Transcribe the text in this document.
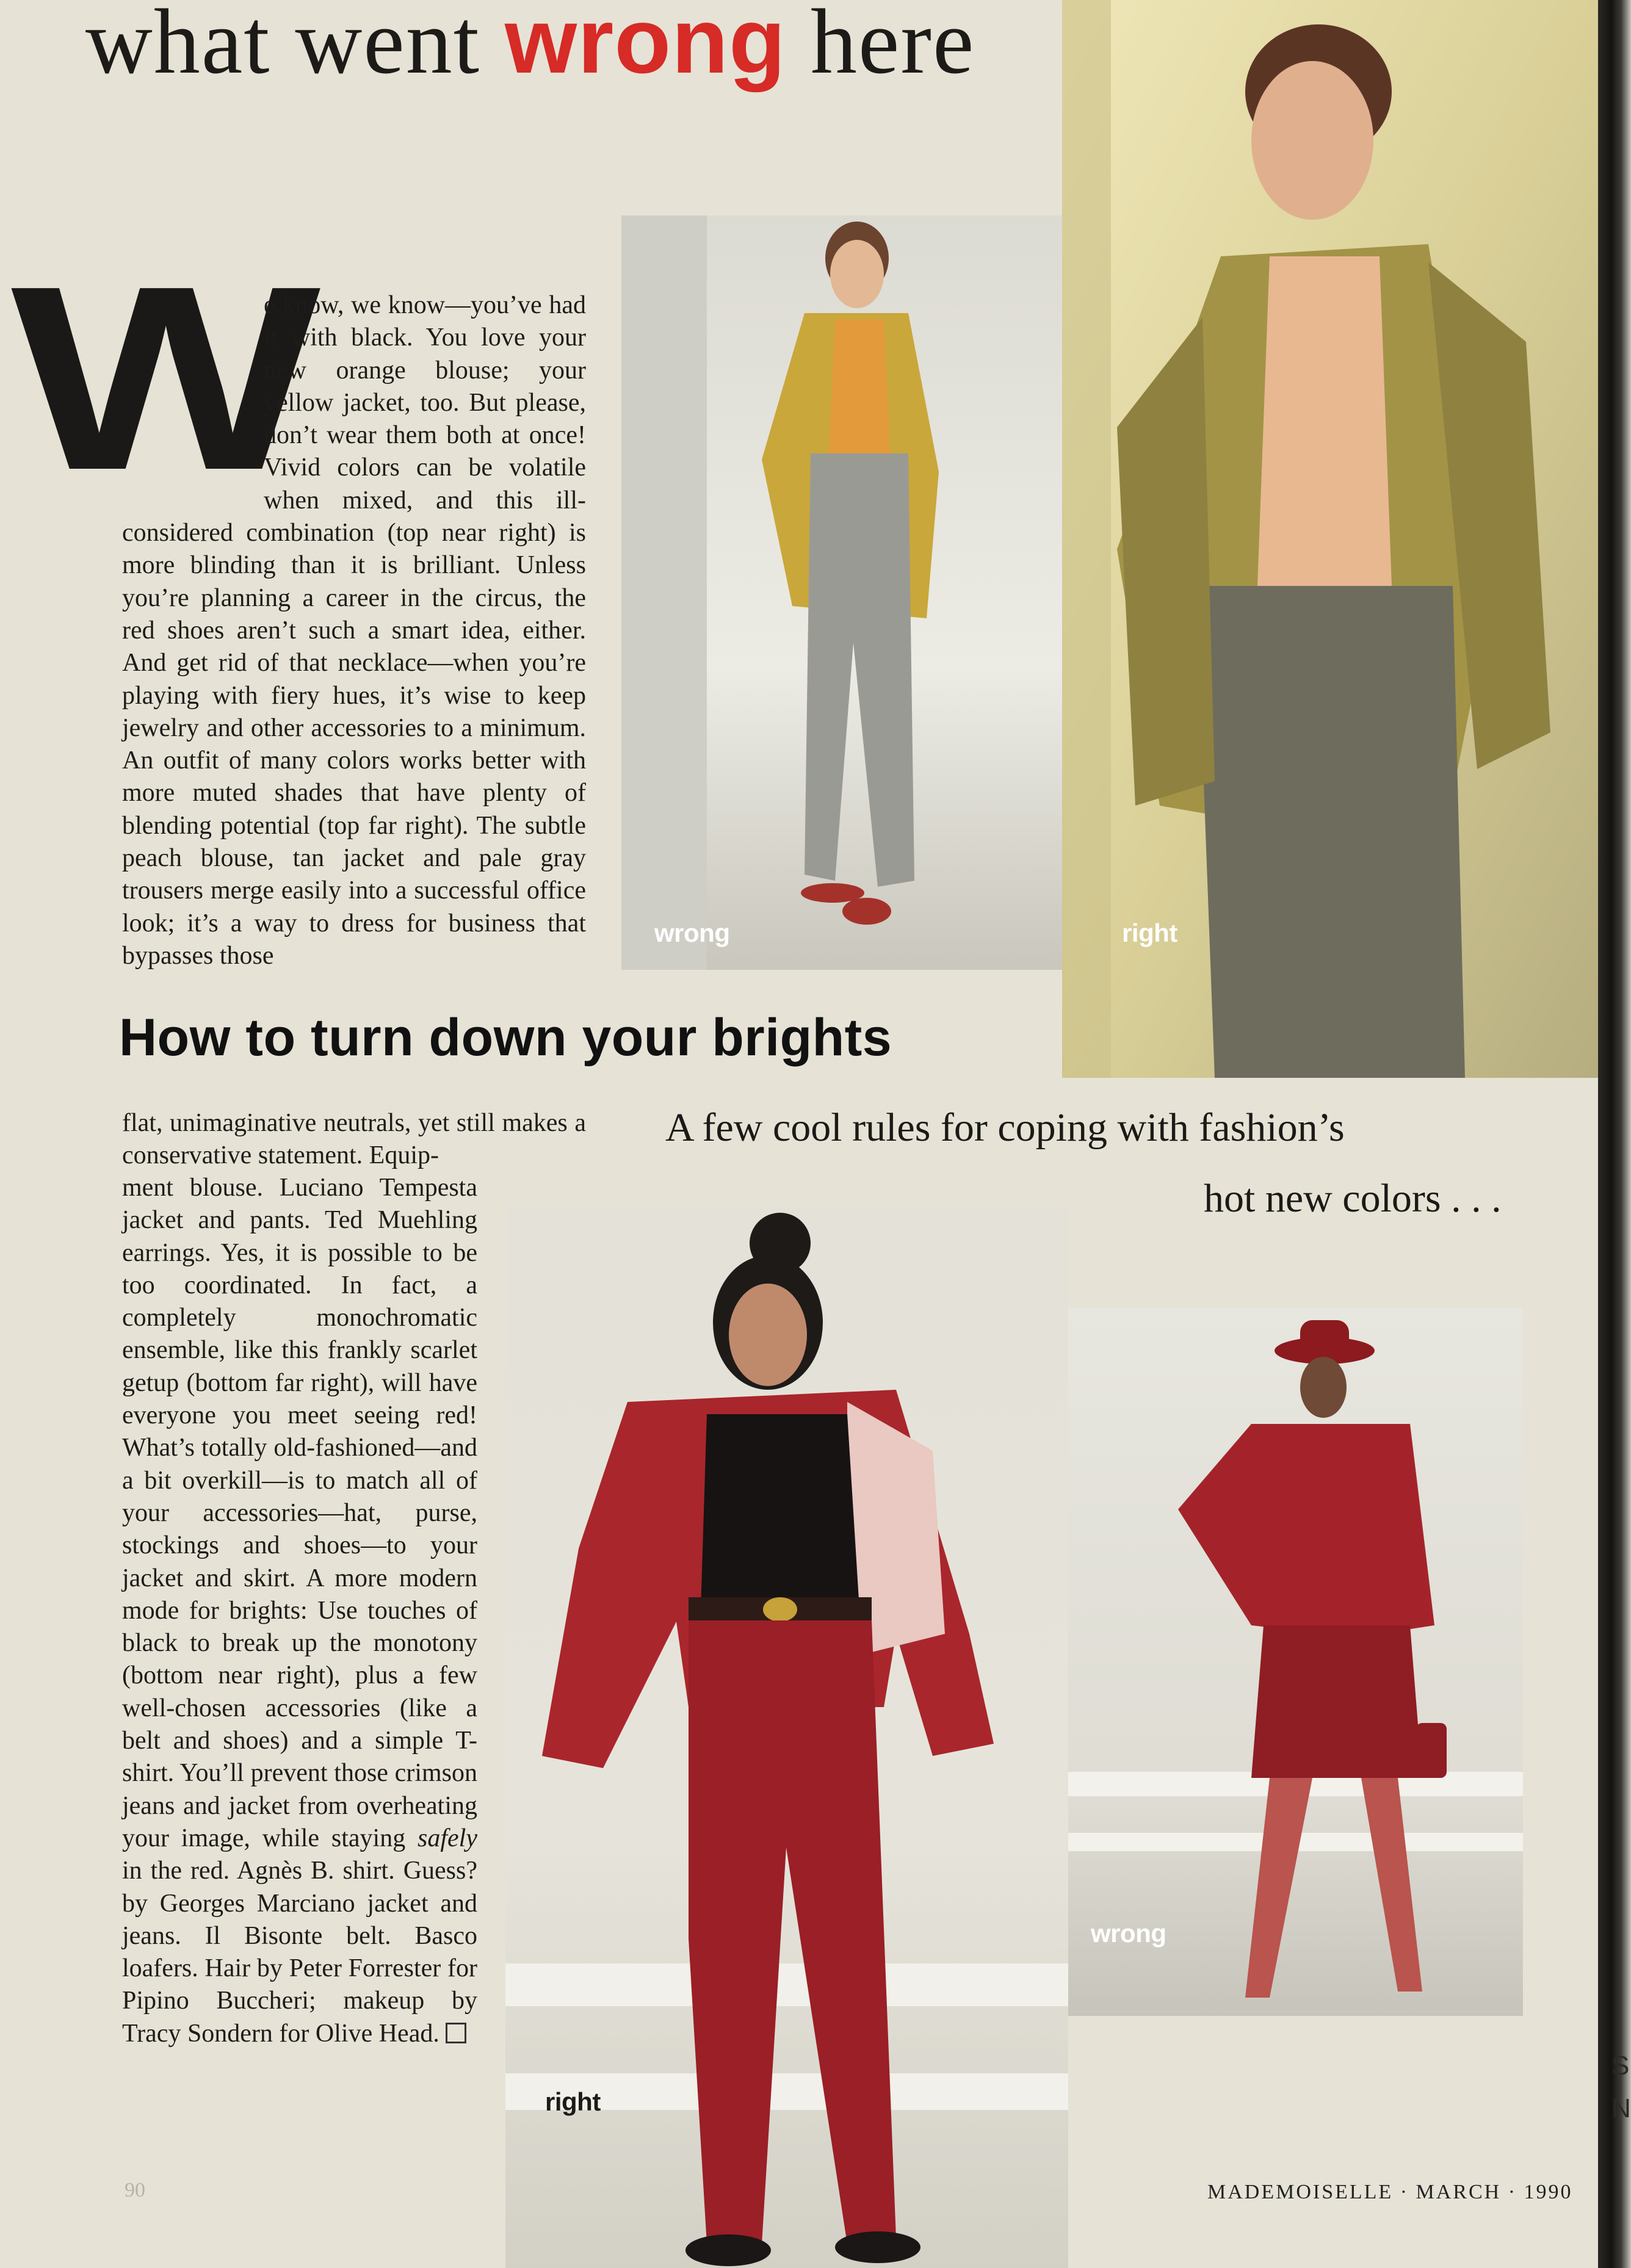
S
N
what went wrong here
wrong	right
wrong
right
W

e know, we know—you’ve had it with black. You love your new orange blouse; your yellow jacket, too. But please, don’t wear them both at once! Vivid colors can be volatile when mixed, and this ill-considered combination (top near right) is more blinding than it is brilliant. Unless you’re planning a career in the circus, the red shoes aren’t such a smart idea, either. And get rid of that necklace—when you’re playing with fiery hues, it’s wise to keep jewelry and other accessories to a minimum. An outfit of many colors works better with more muted shades that have plenty of blending potential (top far right). The subtle peach blouse, tan jacket and pale gray trousers merge easily into a successful office look; it’s a way to dress for business that bypasses those

How to turn down your brights
A few cool rules for coping with fashion’s
hot new colors . . .

flat, unimaginative neutrals, yet still makes a conservative statement. Equip-

ment blouse. Luciano Tempesta jacket and pants. Ted Muehling earrings. Yes, it is possible to be too coordinated. In fact, a completely monochromatic ensemble, like this frankly scarlet getup (bottom far right), will have everyone you meet seeing red! What’s totally old-fashioned—and a bit overkill—is to match all of your accessories—hat, purse, stockings and shoes—to your jacket and skirt. A more modern mode for brights: Use touches of black to break up the monotony (bottom near right), plus a few well-chosen accessories (like a belt and shoes) and a simple T-shirt. You’ll prevent those crimson jeans and jacket from overheating your image, while staying safely in the red. Agnès B. shirt. Guess? by Georges Marciano jacket and jeans. Il Bisonte belt. Basco loafers. Hair by Peter Forrester for Pipino Buccheri; makeup by Tracy Sondern for Olive Head.

90	MADEMOISELLE · MARCH · 1990
